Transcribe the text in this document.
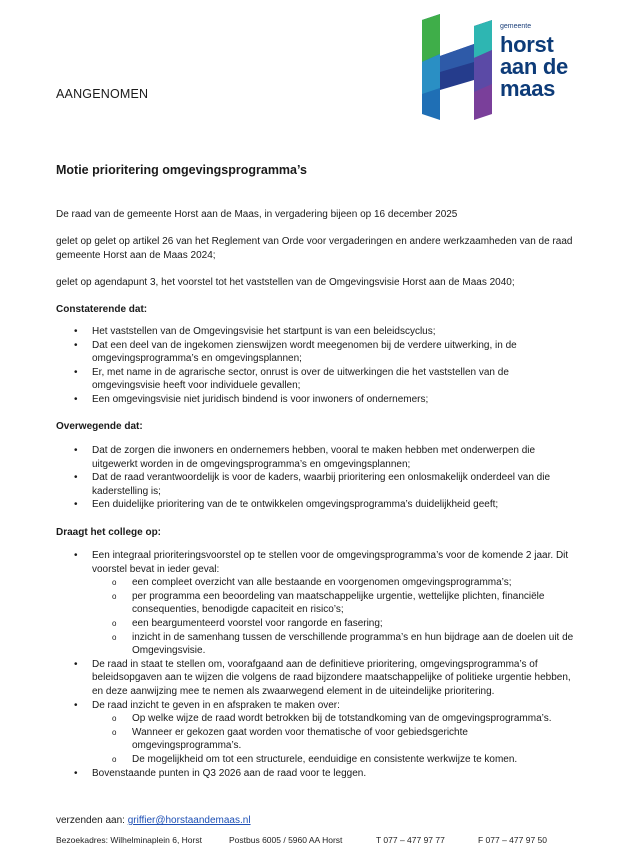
AANGENOMEN
gemeente
horst
aan de
maas
Motie prioritering omgevingsprogramma’s
De raad van de gemeente Horst aan de Maas, in vergadering bijeen op 16 december 2025
gelet op gelet op artikel 26 van het Reglement van Orde voor vergaderingen en andere werkzaamheden van de raad gemeente Horst aan de Maas 2024;
gelet op agendapunt 3, het voorstel tot het vaststellen van de Omgevingsvisie Horst aan de Maas 2040;
Constaterende dat:
• Het vaststellen van de Omgevingsvisie het startpunt is van een beleidscyclus;
• Dat een deel van de ingekomen zienswijzen wordt meegenomen bij de verdere uitwerking, in de omgevingsprogramma’s en omgevingsplannen;
• Er, met name in de agrarische sector, onrust is over de uitwerkingen die het vaststellen van de omgevingsvisie heeft voor individuele gevallen;
• Een omgevingsvisie niet juridisch bindend is voor inwoners of ondernemers;
Overwegende dat:
• Dat de zorgen die inwoners en ondernemers hebben, vooral te maken hebben met onderwerpen die uitgewerkt worden in de omgevingsprogramma’s en omgevingsplannen;
• Dat de raad verantwoordelijk is voor de kaders, waarbij prioritering een onlosmakelijk onderdeel van die kaderstelling is;
• Een duidelijke prioritering van de te ontwikkelen omgevingsprogramma’s duidelijkheid geeft;
Draagt het college op:
• Een integraal prioriteringsvoorstel op te stellen voor de omgevingsprogramma’s voor de komende 2 jaar. Dit voorstel bevat in ieder geval:
o een compleet overzicht van alle bestaande en voorgenomen omgevingsprogramma’s;
o per programma een beoordeling van maatschappelijke urgentie, wettelijke plichten, financiële consequenties, benodigde capaciteit en risico’s;
o een beargumenteerd voorstel voor rangorde en fasering;
o inzicht in de samenhang tussen de verschillende programma’s en hun bijdrage aan de doelen uit de Omgevingsvisie.
• De raad in staat te stellen om, voorafgaand aan de definitieve prioritering, omgevingsprogramma’s of beleidsopgaven aan te wijzen die volgens de raad bijzondere maatschappelijke of politieke urgentie hebben, en deze aanwijzing mee te nemen als zwaarwegend element in de uiteindelijke prioritering.
• De raad inzicht te geven in en afspraken te maken over:
o Op welke wijze de raad wordt betrokken bij de totstandkoming van de omgevingsprogramma’s.
o Wanneer er gekozen gaat worden voor thematische of voor gebiedsgerichte omgevingsprogramma’s.
o De mogelijkheid om tot een structurele, eenduidige en consistente werkwijze te komen.
• Bovenstaande punten in Q3 2026 aan de raad voor te leggen.
verzenden aan: griffier@horstaandemaas.nl
Bezoekadres: Wilhelminaplein 6, Horst	Postbus 6005 / 5960 AA Horst	T 077 – 477 97 77	F 077 – 477 97 50
